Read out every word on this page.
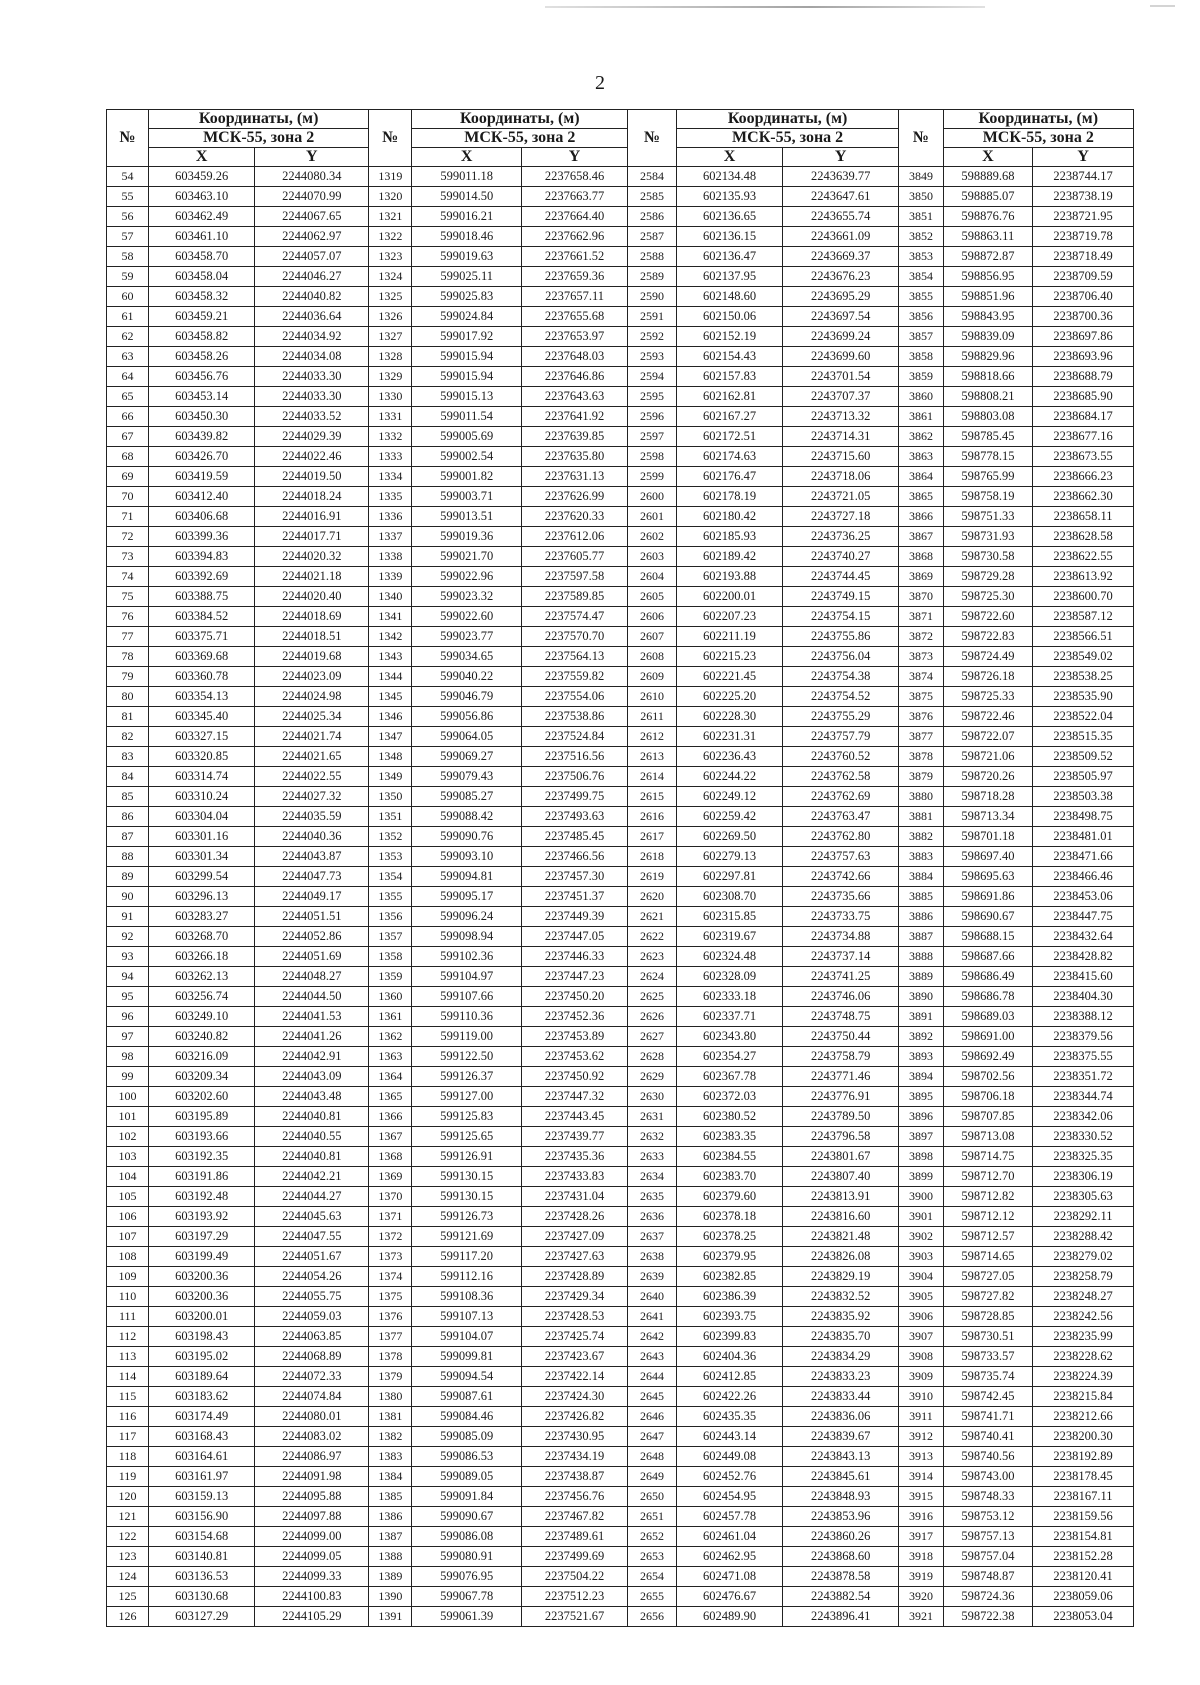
2
№	Координаты, (м)		№	Координаты, (м)		№	Координаты, (м)		№	Координаты, (м)	

	МСК-55, зона 2			МСК-55, зона 2			МСК-55, зона 2			МСК-55, зона 2	
	X	Y		X	Y		X	Y		X	Y
54	603459.26	2244080.34	1319	599011.18	2237658.46	2584	602134.48	2243639.77	3849	598889.68	2238744.17
55	603463.10	2244070.99	1320	599014.50	2237663.77	2585	602135.93	2243647.61	3850	598885.07	2238738.19
56	603462.49	2244067.65	1321	599016.21	2237664.40	2586	602136.65	2243655.74	3851	598876.76	2238721.95
57	603461.10	2244062.97	1322	599018.46	2237662.96	2587	602136.15	2243661.09	3852	598863.11	2238719.78
58	603458.70	2244057.07	1323	599019.63	2237661.52	2588	602136.47	2243669.37	3853	598872.87	2238718.49
59	603458.04	2244046.27	1324	599025.11	2237659.36	2589	602137.95	2243676.23	3854	598856.95	2238709.59
60	603458.32	2244040.82	1325	599025.83	2237657.11	2590	602148.60	2243695.29	3855	598851.96	2238706.40
61	603459.21	2244036.64	1326	599024.84	2237655.68	2591	602150.06	2243697.54	3856	598843.95	2238700.36
62	603458.82	2244034.92	1327	599017.92	2237653.97	2592	602152.19	2243699.24	3857	598839.09	2238697.86
63	603458.26	2244034.08	1328	599015.94	2237648.03	2593	602154.43	2243699.60	3858	598829.96	2238693.96
64	603456.76	2244033.30	1329	599015.94	2237646.86	2594	602157.83	2243701.54	3859	598818.66	2238688.79
65	603453.14	2244033.30	1330	599015.13	2237643.63	2595	602162.81	2243707.37	3860	598808.21	2238685.90
66	603450.30	2244033.52	1331	599011.54	2237641.92	2596	602167.27	2243713.32	3861	598803.08	2238684.17
67	603439.82	2244029.39	1332	599005.69	2237639.85	2597	602172.51	2243714.31	3862	598785.45	2238677.16
68	603426.70	2244022.46	1333	599002.54	2237635.80	2598	602174.63	2243715.60	3863	598778.15	2238673.55
69	603419.59	2244019.50	1334	599001.82	2237631.13	2599	602176.47	2243718.06	3864	598765.99	2238666.23
70	603412.40	2244018.24	1335	599003.71	2237626.99	2600	602178.19	2243721.05	3865	598758.19	2238662.30
71	603406.68	2244016.91	1336	599013.51	2237620.33	2601	602180.42	2243727.18	3866	598751.33	2238658.11
72	603399.36	2244017.71	1337	599019.36	2237612.06	2602	602185.93	2243736.25	3867	598731.93	2238628.58
73	603394.83	2244020.32	1338	599021.70	2237605.77	2603	602189.42	2243740.27	3868	598730.58	2238622.55
74	603392.69	2244021.18	1339	599022.96	2237597.58	2604	602193.88	2243744.45	3869	598729.28	2238613.92
75	603388.75	2244020.40	1340	599023.32	2237589.85	2605	602200.01	2243749.15	3870	598725.30	2238600.70
76	603384.52	2244018.69	1341	599022.60	2237574.47	2606	602207.23	2243754.15	3871	598722.60	2238587.12
77	603375.71	2244018.51	1342	599023.77	2237570.70	2607	602211.19	2243755.86	3872	598722.83	2238566.51
78	603369.68	2244019.68	1343	599034.65	2237564.13	2608	602215.23	2243756.04	3873	598724.49	2238549.02
79	603360.78	2244023.09	1344	599040.22	2237559.82	2609	602221.45	2243754.38	3874	598726.18	2238538.25
80	603354.13	2244024.98	1345	599046.79	2237554.06	2610	602225.20	2243754.52	3875	598725.33	2238535.90
81	603345.40	2244025.34	1346	599056.86	2237538.86	2611	602228.30	2243755.29	3876	598722.46	2238522.04
82	603327.15	2244021.74	1347	599064.05	2237524.84	2612	602231.31	2243757.79	3877	598722.07	2238515.35
83	603320.85	2244021.65	1348	599069.27	2237516.56	2613	602236.43	2243760.52	3878	598721.06	2238509.52
84	603314.74	2244022.55	1349	599079.43	2237506.76	2614	602244.22	2243762.58	3879	598720.26	2238505.97
85	603310.24	2244027.32	1350	599085.27	2237499.75	2615	602249.12	2243762.69	3880	598718.28	2238503.38
86	603304.04	2244035.59	1351	599088.42	2237493.63	2616	602259.42	2243763.47	3881	598713.34	2238498.75
87	603301.16	2244040.36	1352	599090.76	2237485.45	2617	602269.50	2243762.80	3882	598701.18	2238481.01
88	603301.34	2244043.87	1353	599093.10	2237466.56	2618	602279.13	2243757.63	3883	598697.40	2238471.66
89	603299.54	2244047.73	1354	599094.81	2237457.30	2619	602297.81	2243742.66	3884	598695.63	2238466.46
90	603296.13	2244049.17	1355	599095.17	2237451.37	2620	602308.70	2243735.66	3885	598691.86	2238453.06
91	603283.27	2244051.51	1356	599096.24	2237449.39	2621	602315.85	2243733.75	3886	598690.67	2238447.75
92	603268.70	2244052.86	1357	599098.94	2237447.05	2622	602319.67	2243734.88	3887	598688.15	2238432.64
93	603266.18	2244051.69	1358	599102.36	2237446.33	2623	602324.48	2243737.14	3888	598687.66	2238428.82
94	603262.13	2244048.27	1359	599104.97	2237447.23	2624	602328.09	2243741.25	3889	598686.49	2238415.60
95	603256.74	2244044.50	1360	599107.66	2237450.20	2625	602333.18	2243746.06	3890	598686.78	2238404.30
96	603249.10	2244041.53	1361	599110.36	2237452.36	2626	602337.71	2243748.75	3891	598689.03	2238388.12
97	603240.82	2244041.26	1362	599119.00	2237453.89	2627	602343.80	2243750.44	3892	598691.00	2238379.56
98	603216.09	2244042.91	1363	599122.50	2237453.62	2628	602354.27	2243758.79	3893	598692.49	2238375.55
99	603209.34	2244043.09	1364	599126.37	2237450.92	2629	602367.78	2243771.46	3894	598702.56	2238351.72
100	603202.60	2244043.48	1365	599127.00	2237447.32	2630	602372.03	2243776.91	3895	598706.18	2238344.74
101	603195.89	2244040.81	1366	599125.83	2237443.45	2631	602380.52	2243789.50	3896	598707.85	2238342.06
102	603193.66	2244040.55	1367	599125.65	2237439.77	2632	602383.35	2243796.58	3897	598713.08	2238330.52
103	603192.35	2244040.81	1368	599126.91	2237435.36	2633	602384.55	2243801.67	3898	598714.75	2238325.35
104	603191.86	2244042.21	1369	599130.15	2237433.83	2634	602383.70	2243807.40	3899	598712.70	2238306.19
105	603192.48	2244044.27	1370	599130.15	2237431.04	2635	602379.60	2243813.91	3900	598712.82	2238305.63
106	603193.92	2244045.63	1371	599126.73	2237428.26	2636	602378.18	2243816.60	3901	598712.12	2238292.11
107	603197.29	2244047.55	1372	599121.69	2237427.09	2637	602378.25	2243821.48	3902	598712.57	2238288.42
108	603199.49	2244051.67	1373	599117.20	2237427.63	2638	602379.95	2243826.08	3903	598714.65	2238279.02
109	603200.36	2244054.26	1374	599112.16	2237428.89	2639	602382.85	2243829.19	3904	598727.05	2238258.79
110	603200.36	2244055.75	1375	599108.36	2237429.34	2640	602386.39	2243832.52	3905	598727.82	2238248.27
111	603200.01	2244059.03	1376	599107.13	2237428.53	2641	602393.75	2243835.92	3906	598728.85	2238242.56
112	603198.43	2244063.85	1377	599104.07	2237425.74	2642	602399.83	2243835.70	3907	598730.51	2238235.99
113	603195.02	2244068.89	1378	599099.81	2237423.67	2643	602404.36	2243834.29	3908	598733.57	2238228.62
114	603189.64	2244072.33	1379	599094.54	2237422.14	2644	602412.85	2243833.23	3909	598735.74	2238224.39
115	603183.62	2244074.84	1380	599087.61	2237424.30	2645	602422.26	2243833.44	3910	598742.45	2238215.84
116	603174.49	2244080.01	1381	599084.46	2237426.82	2646	602435.35	2243836.06	3911	598741.71	2238212.66
117	603168.43	2244083.02	1382	599085.09	2237430.95	2647	602443.14	2243839.67	3912	598740.41	2238200.30
118	603164.61	2244086.97	1383	599086.53	2237434.19	2648	602449.08	2243843.13	3913	598740.56	2238192.89
119	603161.97	2244091.98	1384	599089.05	2237438.87	2649	602452.76	2243845.61	3914	598743.00	2238178.45
120	603159.13	2244095.88	1385	599091.84	2237456.76	2650	602454.95	2243848.93	3915	598748.33	2238167.11
121	603156.90	2244097.88	1386	599090.67	2237467.82	2651	602457.78	2243853.96	3916	598753.12	2238159.56
122	603154.68	2244099.00	1387	599086.08	2237489.61	2652	602461.04	2243860.26	3917	598757.13	2238154.81
123	603140.81	2244099.05	1388	599080.91	2237499.69	2653	602462.95	2243868.60	3918	598757.04	2238152.28
124	603136.53	2244099.33	1389	599076.95	2237504.22	2654	602471.08	2243878.58	3919	598748.87	2238120.41
125	603130.68	2244100.83	1390	599067.78	2237512.23	2655	602476.67	2243882.54	3920	598724.36	2238059.06
126	603127.29	2244105.29	1391	599061.39	2237521.67	2656	602489.90	2243896.41	3921	598722.38	2238053.04
